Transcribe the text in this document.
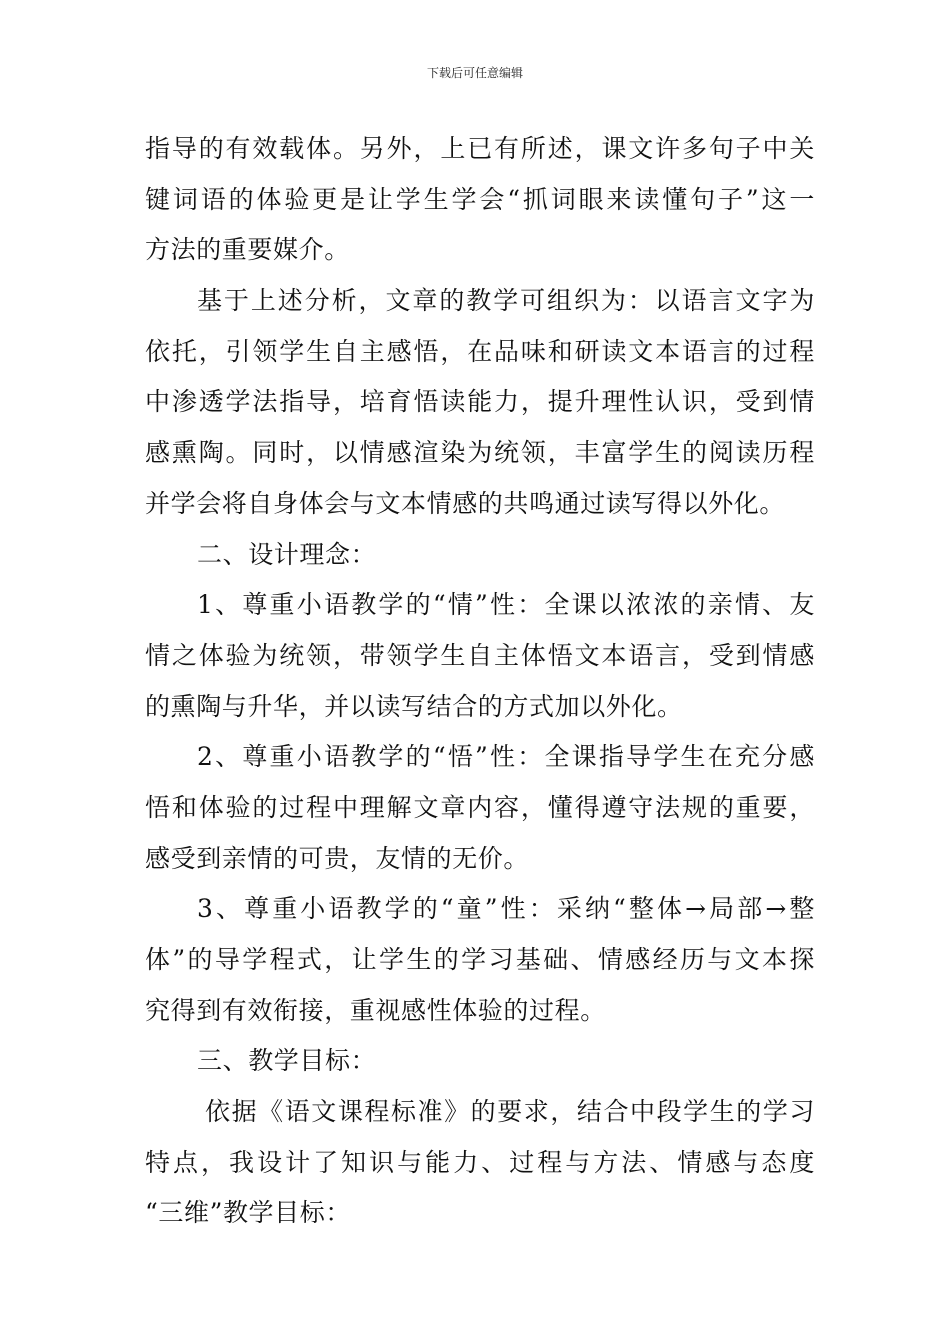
下载后可任意编辑
指导的有效载体。另外，上已有所述，课文许多句子中关
键词语的体验更是让学生学会“抓词眼来读懂句子”这一
方法的重要媒介。
基于上述分析，文章的教学可组织为：以语言文字为
依托，引领学生自主感悟，在品味和研读文本语言的过程
中渗透学法指导，培育悟读能力，提升理性认识，受到情
感熏陶。同时，以情感渲染为统领，丰富学生的阅读历程
并学会将自身体会与文本情感的共鸣通过读写得以外化。
二、设计理念：
1、尊重小语教学的“情”性：全课以浓浓的亲情、友
情之体验为统领，带领学生自主体悟文本语言，受到情感
的熏陶与升华，并以读写结合的方式加以外化。
2、尊重小语教学的“悟”性：全课指导学生在充分感
悟和体验的过程中理解文章内容，懂得遵守法规的重要，
感受到亲情的可贵，友情的无价。
3、尊重小语教学的“童”性：采纳“整体→局部→整
体”的导学程式，让学生的学习基础、情感经历与文本探
究得到有效衔接，重视感性体验的过程。
三、教学目标：
依据《语文课程标准》的要求，结合中段学生的学习
特点，我设计了知识与能力、过程与方法、情感与态度
“三维”教学目标：
